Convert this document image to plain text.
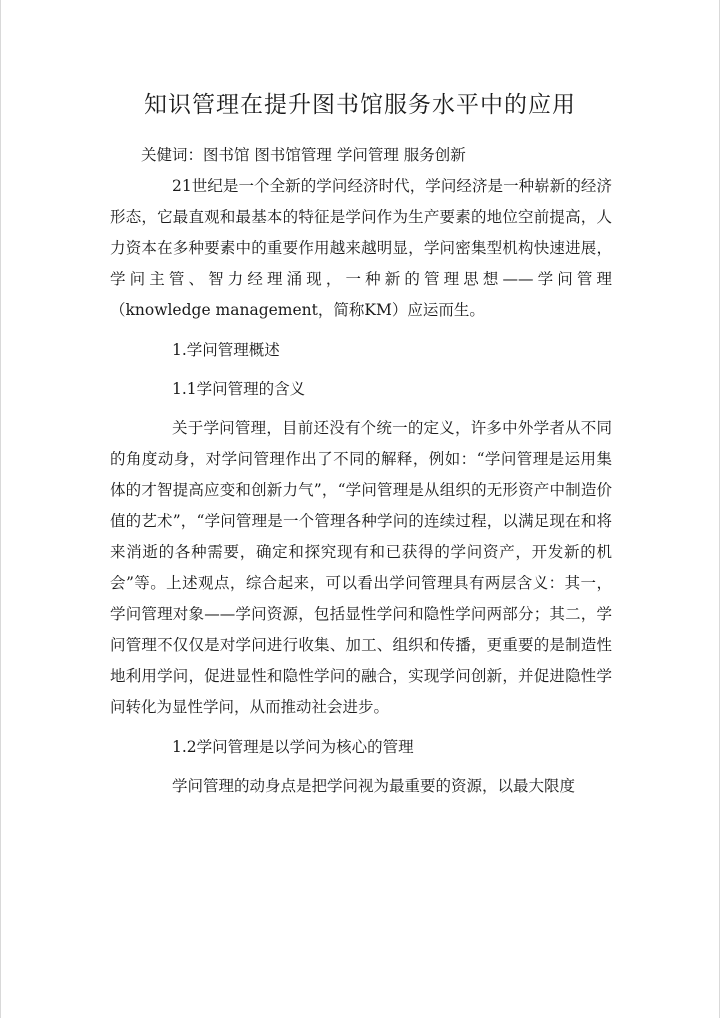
知识管理在提升图书馆服务水平中的应用

关健词：图书馆 图书馆管理 学问管理 服务创新

21世纪是一个全新的学问经济时代，学问经济是一种崭新的经济形态，它最直观和最基本的特征是学问作为生产要素的地位空前提高，人力资本在多种要素中的重要作用越来越明显，学问密集型机构快速进展，学问主管、智力经理涌现，一种新的管理思想——学问管理（knowledge management，简称KM）应运而生。

1.学问管理概述

1.1学问管理的含义

关于学问管理，目前还没有个统一的定义，许多中外学者从不同的角度动身，对学问管理作出了不同的解释，例如：“学问管理是运用集体的才智提高应变和创新力气”，“学问管理是从组织的无形资产中制造价值的艺术”，“学问管理是一个管理各种学问的连续过程，以满足现在和将来消逝的各种需要，确定和探究现有和已获得的学问资产，开发新的机会”等。上述观点，综合起来，可以看出学问管理具有两层含义：其一，学问管理对象——学问资源，包括显性学问和隐性学问两部分；其二，学问管理不仅仅是对学问进行收集、加工、组织和传播，更重要的是制造性地利用学问，促进显性和隐性学问的融合，实现学问创新，并促进隐性学问转化为显性学问，从而推动社会进步。

1.2学问管理是以学问为核心的管理

学问管理的动身点是把学问视为最重要的资源，以最大限度
